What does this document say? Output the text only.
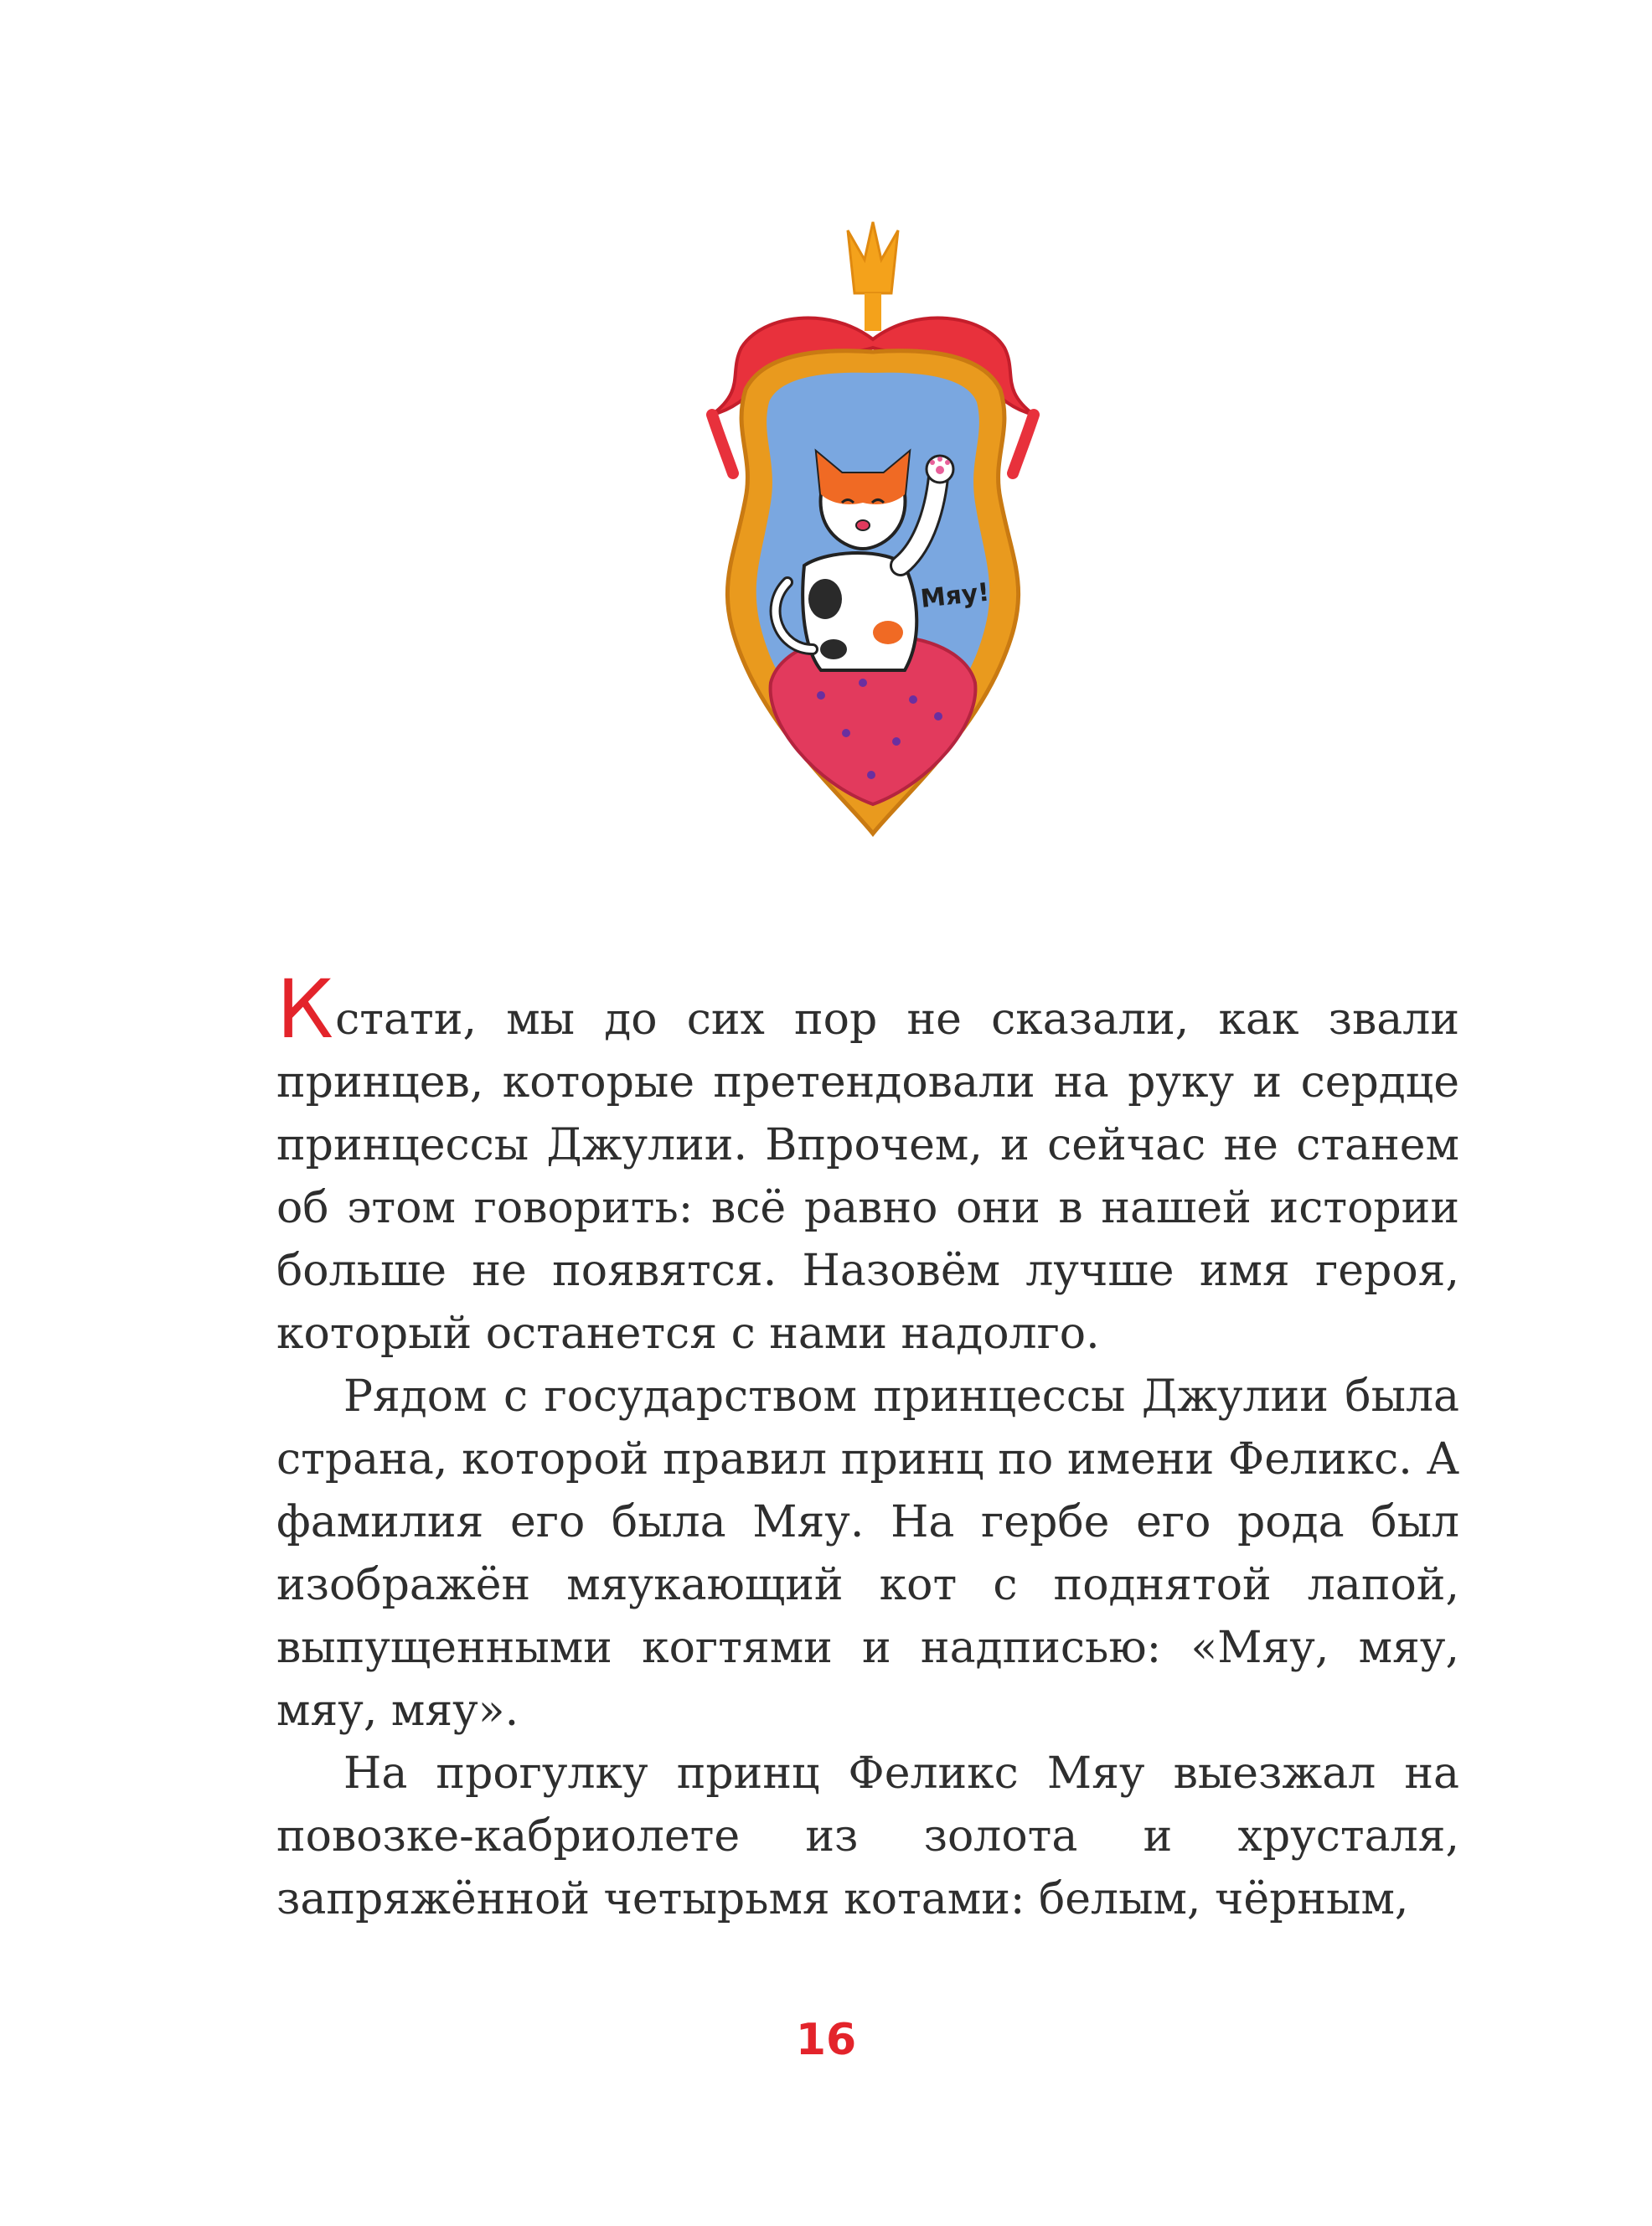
Мяу!

Кстати, мы до сих пор не сказали, как звали принцев, которые претендовали на руку и сердце принцессы Джулии. Впрочем, и сейчас не станем об этом говорить: всё равно они в нашей истории больше не появятся. Назовём лучше имя героя, который останется с нами надолго.

Рядом с государством принцессы Джулии была страна, которой правил принц по имени Феликс. А фамилия его была Мяу. На гербе его рода был изображён мяукающий кот с поднятой лапой, выпущенными когтями и надписью: «Мяу, мяу, мяу, мяу».

На прогулку принц Феликс Мяу выезжал на повозке-кабриолете из золота и хрусталя, запряжённой четырьмя котами: белым, чёрным,

16
